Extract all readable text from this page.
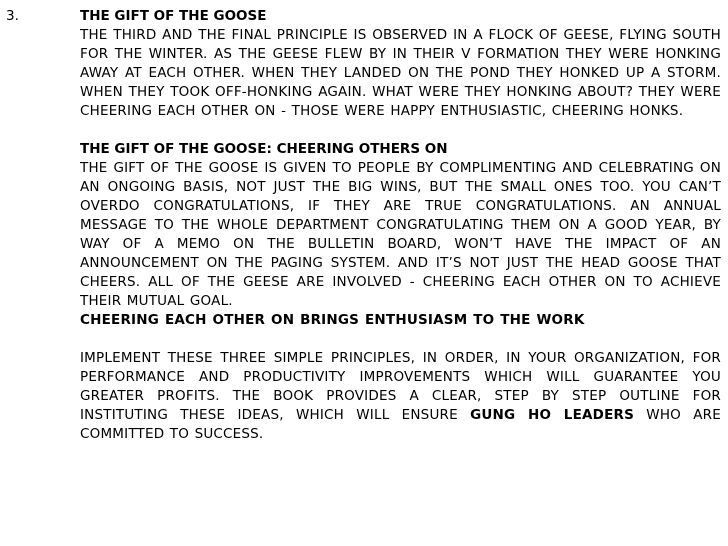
3.	THE GIFT OF THE GOOSE

THE THIRD AND THE FINAL PRINCIPLE IS OBSERVED IN A FLOCK OF GEESE, FLYING SOUTH FOR THE WINTER. AS THE GEESE FLEW BY IN THEIR V FORMATION THEY WERE HONKING AWAY AT EACH OTHER. WHEN THEY LANDED ON THE POND THEY HONKED UP A STORM. WHEN THEY TOOK OFF-HONKING AGAIN. WHAT WERE THEY HONKING ABOUT? THEY WERE CHEERING EACH OTHER ON - THOSE WERE HAPPY ENTHUSIASTIC, CHEERING HONKS.

THE GIFT OF THE GOOSE: CHEERING OTHERS ON

THE GIFT OF THE GOOSE IS GIVEN TO PEOPLE BY COMPLIMENTING AND CELEBRATING ON AN ONGOING BASIS, NOT JUST THE BIG WINS, BUT THE SMALL ONES TOO. YOU CAN’T OVERDO CONGRATULATIONS, IF THEY ARE TRUE CONGRATULATIONS. AN ANNUAL MESSAGE TO THE WHOLE DEPARTMENT CONGRATULATING THEM ON A GOOD YEAR, BY WAY OF A MEMO ON THE BULLETIN BOARD, WON’T HAVE THE IMPACT OF AN ANNOUNCEMENT ON THE PAGING SYSTEM. AND IT’S NOT JUST THE HEAD GOOSE THAT CHEERS. ALL OF THE GEESE ARE INVOLVED - CHEERING EACH OTHER ON TO ACHIEVE THEIR MUTUAL GOAL.
CHEERING EACH OTHER ON BRINGS ENTHUSIASM TO THE WORK

IMPLEMENT THESE THREE SIMPLE PRINCIPLES, IN ORDER, IN YOUR ORGANIZATION, FOR PERFORMANCE AND PRODUCTIVITY IMPROVEMENTS WHICH WILL GUARANTEE YOU GREATER PROFITS. THE BOOK PROVIDES A CLEAR, STEP BY STEP OUTLINE FOR INSTITUTING THESE IDEAS, WHICH WILL ENSURE GUNG HO LEADERS WHO ARE COMMITTED TO SUCCESS.
